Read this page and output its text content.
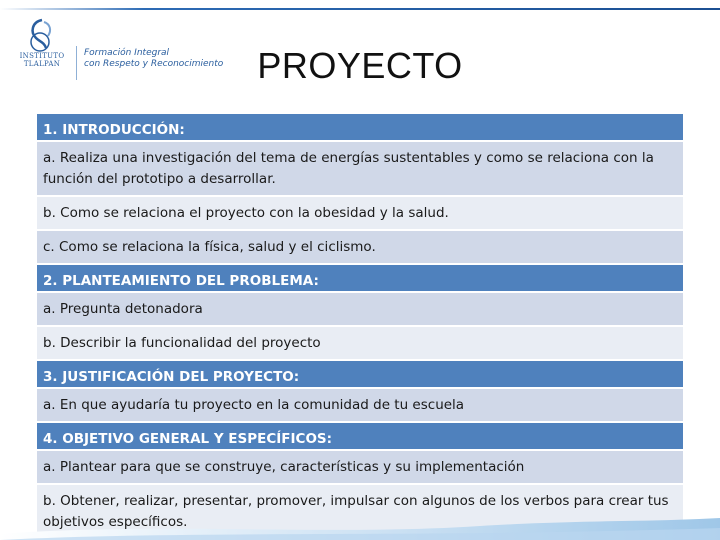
INSTITUTO TLALPAN
Formación Integral
con Respeto y Reconocimiento PROYECTO
1. INTRODUCCIÓN:
a. Realiza una investigación del tema de energías sustentables y como se relaciona con la función del prototipo a desarrollar.
b. Como se relaciona el proyecto con la obesidad y la salud.
c. Como se relaciona la física, salud y el ciclismo.
2. PLANTEAMIENTO DEL PROBLEMA:
a. Pregunta detonadora
b. Describir la funcionalidad del proyecto
3. JUSTIFICACIÓN DEL PROYECTO:
a. En que ayudaría tu proyecto en la comunidad de tu escuela
4. OBJETIVO GENERAL Y ESPECÍFICOS:
a. Plantear para que se construye, características y su implementación
b. Obtener, realizar, presentar, promover, impulsar con algunos de los verbos para crear tus objetivos específicos.
